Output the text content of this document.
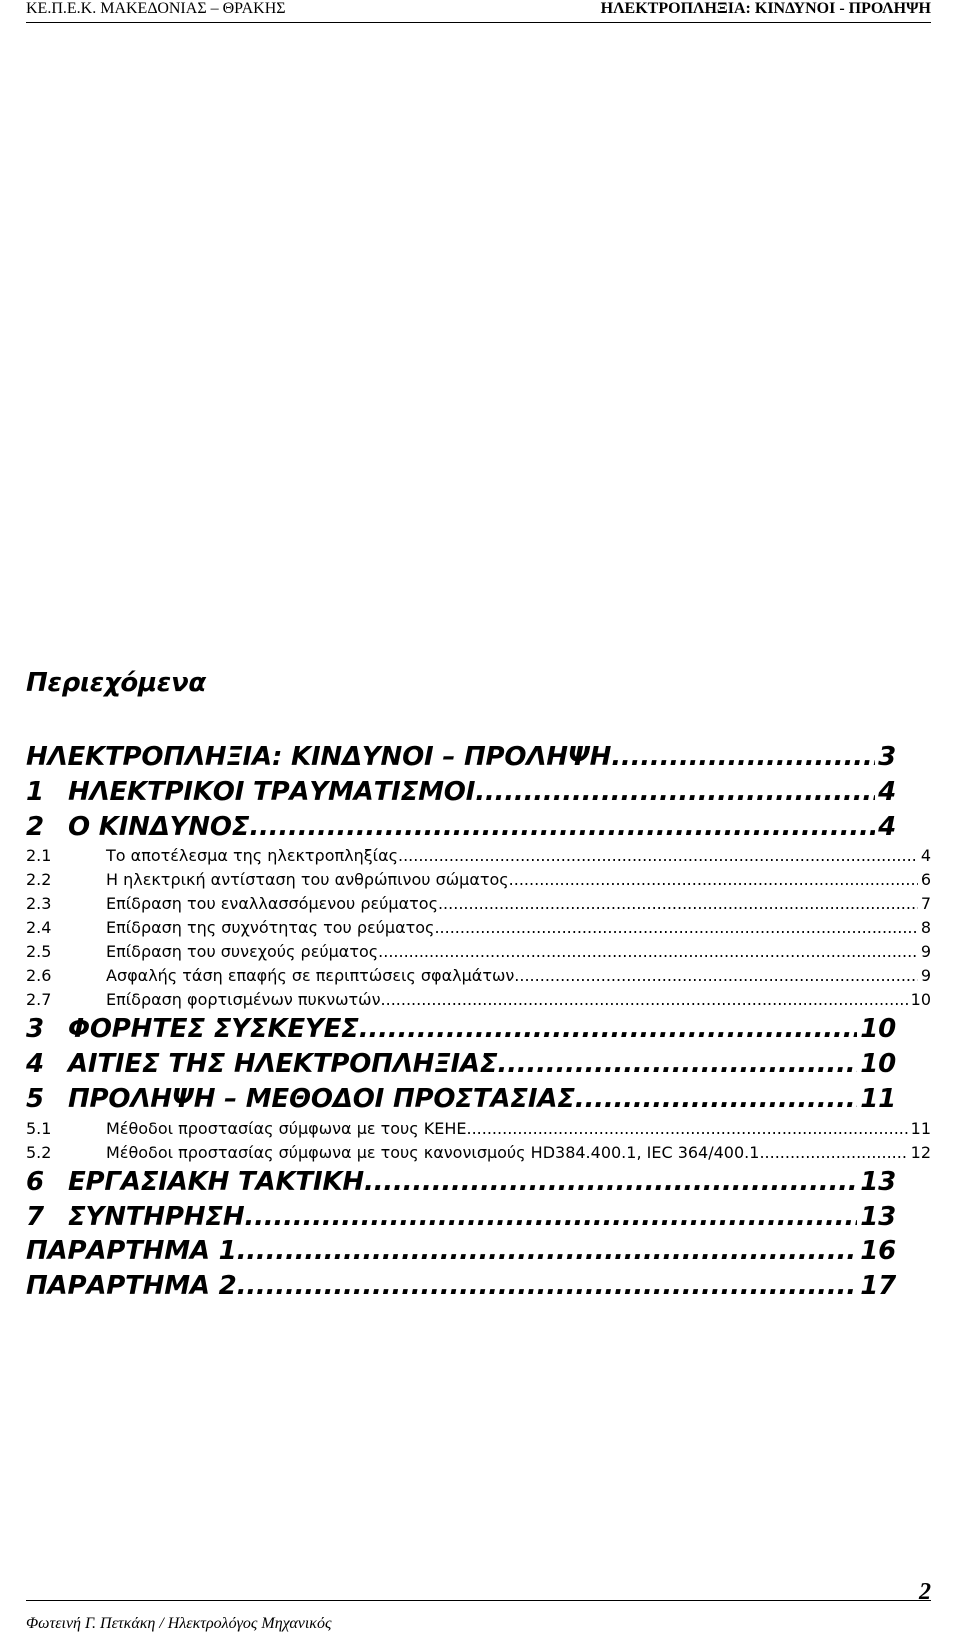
ΚΕ.Π.Ε.Κ. ΜΑΚΕΔΟΝΙΑΣ – ΘΡΑΚΗΣ	ΗΛΕΚΤΡΟΠΛΗΞΙΑ: ΚΙΝΔΥΝΟΙ - ΠΡΟΛΗΨΗ
Περιεχόμενα
ΗΛΕΚΤΡΟΠΛΗΞΙΑ: ΚΙΝΔΥΝΟΙ – ΠΡΟΛΗΨΗ .....	3
1 ΗΛΕΚΤΡΙΚΟΙ ΤΡΑΥΜΑΤΙΣΜΟΙ .....	4
2 Ο ΚΙΝΔΥΝΟΣ .....	4
2.1	Το αποτέλεσμα της ηλεκτροπληξίας .....	4
2.2	Η ηλεκτρική αντίσταση του ανθρώπινου σώματος .....	6
2.3	Επίδραση του εναλλασσόμενου ρεύματος .....	7
2.4	Επίδραση της συχνότητας του ρεύματος .....	8
2.5	Επίδραση του συνεχούς ρεύματος .....	9
2.6	Ασφαλής τάση επαφής σε περιπτώσεις σφαλμάτων .....	9
2.7	Επίδραση φορτισμένων πυκνωτών .....	10
3 ΦΟΡΗΤΕΣ ΣΥΣΚΕΥΕΣ .....	10
4 ΑΙΤΙΕΣ ΤΗΣ ΗΛΕΚΤΡΟΠΛΗΞΙΑΣ .....	10
5 ΠΡΟΛΗΨΗ – ΜΕΘΟΔΟΙ ΠΡΟΣΤΑΣΙΑΣ .....	11
5.1	Μέθοδοι προστασίας σύμφωνα με τους ΚΕΗΕ .....	11
5.2	Μέθοδοι προστασίας σύμφωνα με τους κανονισμούς HD384.400.1, IEC 364/400.1 .....	12
6 ΕΡΓΑΣΙΑΚΗ ΤΑΚΤΙΚΗ .....	13
7 ΣΥΝΤΗΡΗΣΗ .....	13
ΠΑΡΑΡΤΗΜΑ 1 .....	16
ΠΑΡΑΡΤΗΜΑ 2 .....	17
Φωτεινή Γ. Πετκάκη / Ηλεκτρολόγος Μηχανικός
2
